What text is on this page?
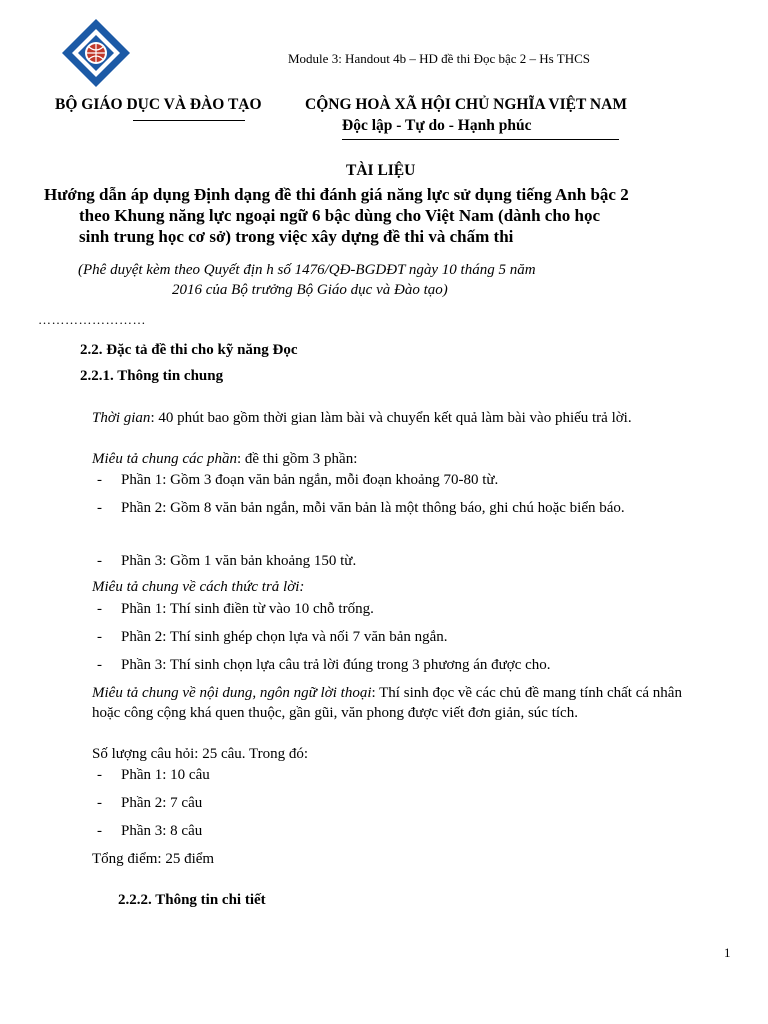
Module 3: Handout 4b – HD đề thi Đọc bậc 2 – Hs THCS
BỘ GIÁO DỤC VÀ ĐÀO TẠO	CỘNG HOÀ XÃ HỘI CHỦ NGHĨA VIỆT NAM
Độc lập - Tự do - Hạnh phúc
TÀI LIỆU
Hướng dẫn áp dụng Định dạng đề thi đánh giá năng lực sử dụng tiếng Anh bậc 2
theo Khung năng lực ngoại ngữ 6 bậc dùng cho Việt Nam (dành cho học
sinh trung học cơ sở) trong việc xây dựng đề thi và chấm thi
(Phê duyệt kèm theo Quyết địn h số 1476/QĐ-BGDĐT ngày 10 tháng 5 năm
2016 của Bộ trưởng Bộ Giáo dục và Đào tạo)
……………………
2.2. Đặc tả đề thi cho kỹ năng Đọc
2.2.1. Thông tin chung
Thời gian: 40 phút bao gồm thời gian làm bài và chuyển kết quả làm bài vào phiếu trả lời.
Miêu tả chung các phần: đề thi gồm 3 phần:
-	Phần 1: Gồm 3 đoạn văn bản ngắn, mỗi đoạn khoảng 70-80 từ.
-	Phần 2: Gồm 8 văn bản ngắn, mỗi văn bản là một thông báo, ghi chú hoặc biển báo.
-	Phần 3: Gồm 1 văn bản khoảng 150 từ.
Miêu tả chung về cách thức trả lời:
-	Phần 1: Thí sinh điền từ vào 10 chỗ trống.
-	Phần 2: Thí sinh ghép chọn lựa và nối 7 văn bản ngắn.
-	Phần 3: Thí sinh chọn lựa câu trả lời đúng trong 3 phương án được cho.
Miêu tả chung về nội dung, ngôn ngữ lời thoại: Thí sinh đọc về các chủ đề mang tính chất cá nhân hoặc công cộng khá quen thuộc, gần gũi, văn phong được viết đơn giản, súc tích.
Số lượng câu hỏi: 25 câu. Trong đó:
-	Phần 1: 10 câu
-	Phần 2: 7 câu
-	Phần 3: 8 câu
Tổng điểm: 25 điểm
2.2.2. Thông tin chi tiết
1
